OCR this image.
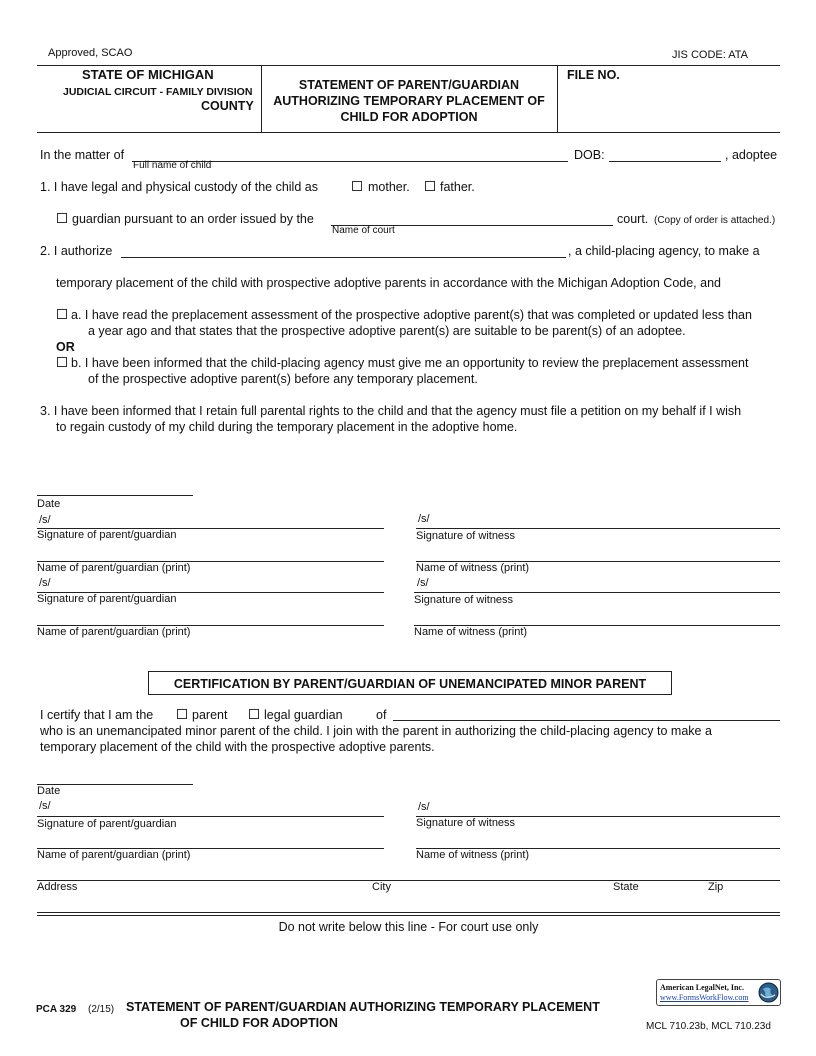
Approved, SCAO	JIS CODE: ATA
STATE OF MICHIGAN
JUDICIAL CIRCUIT - FAMILY DIVISION
COUNTY
STATEMENT OF PARENT/GUARDIAN
AUTHORIZING TEMPORARY PLACEMENT OF
CHILD FOR ADOPTION
FILE NO.
In the matter of
Full name of child
DOB:	, adoptee
1. I have legal and physical custody of the child as	mother. father.
guardian pursuant to an order issued by the
Name of court
court. (Copy of order is attached.)
2. I authorize	, a child-placing agency, to make a
temporary placement of the child with prospective adoptive parents in accordance with the Michigan Adoption Code, and
a. I have read the preplacement assessment of the prospective adoptive parent(s) that was completed or updated less than
a year ago and that states that the prospective adoptive parent(s) are suitable to be parent(s) of an adoptee.
OR
b. I have been informed that the child-placing agency must give me an opportunity to review the preplacement assessment
of the prospective adoptive parent(s) before any temporary placement.
3. I have been informed that I retain full parental rights to the child and that the agency must file a petition on my behalf if I wish
to regain custody of my child during the temporary placement in the adoptive home.
Date
/s/
Signature of parent/guardian
/s/
Signature of witness
Name of parent/guardian (print)	Name of witness (print)
/s/
Signature of parent/guardian
/s/
Signature of witness
Name of parent/guardian (print)	Name of witness (print)
CERTIFICATION BY PARENT/GUARDIAN OF UNEMANCIPATED MINOR PARENT
I certify that I am the	parent	legal guardian	of
who is an unemancipated minor parent of the child. I join with the parent in authorizing the child-placing agency to make a
temporary placement of the child with the prospective adoptive parents.
Date
/s/
Signature of parent/guardian
/s/
Signature of witness
Name of parent/guardian (print)	Name of witness (print)
Address	City	State	Zip
Do not write below this line - For court use only
PCA 329 (2/15) STATEMENT OF PARENT/GUARDIAN AUTHORIZING TEMPORARY PLACEMENT
OF CHILD FOR ADOPTION	MCL 710.23b, MCL 710.23d
American LegalNet, Inc.
www.FormsWorkFlow.com
